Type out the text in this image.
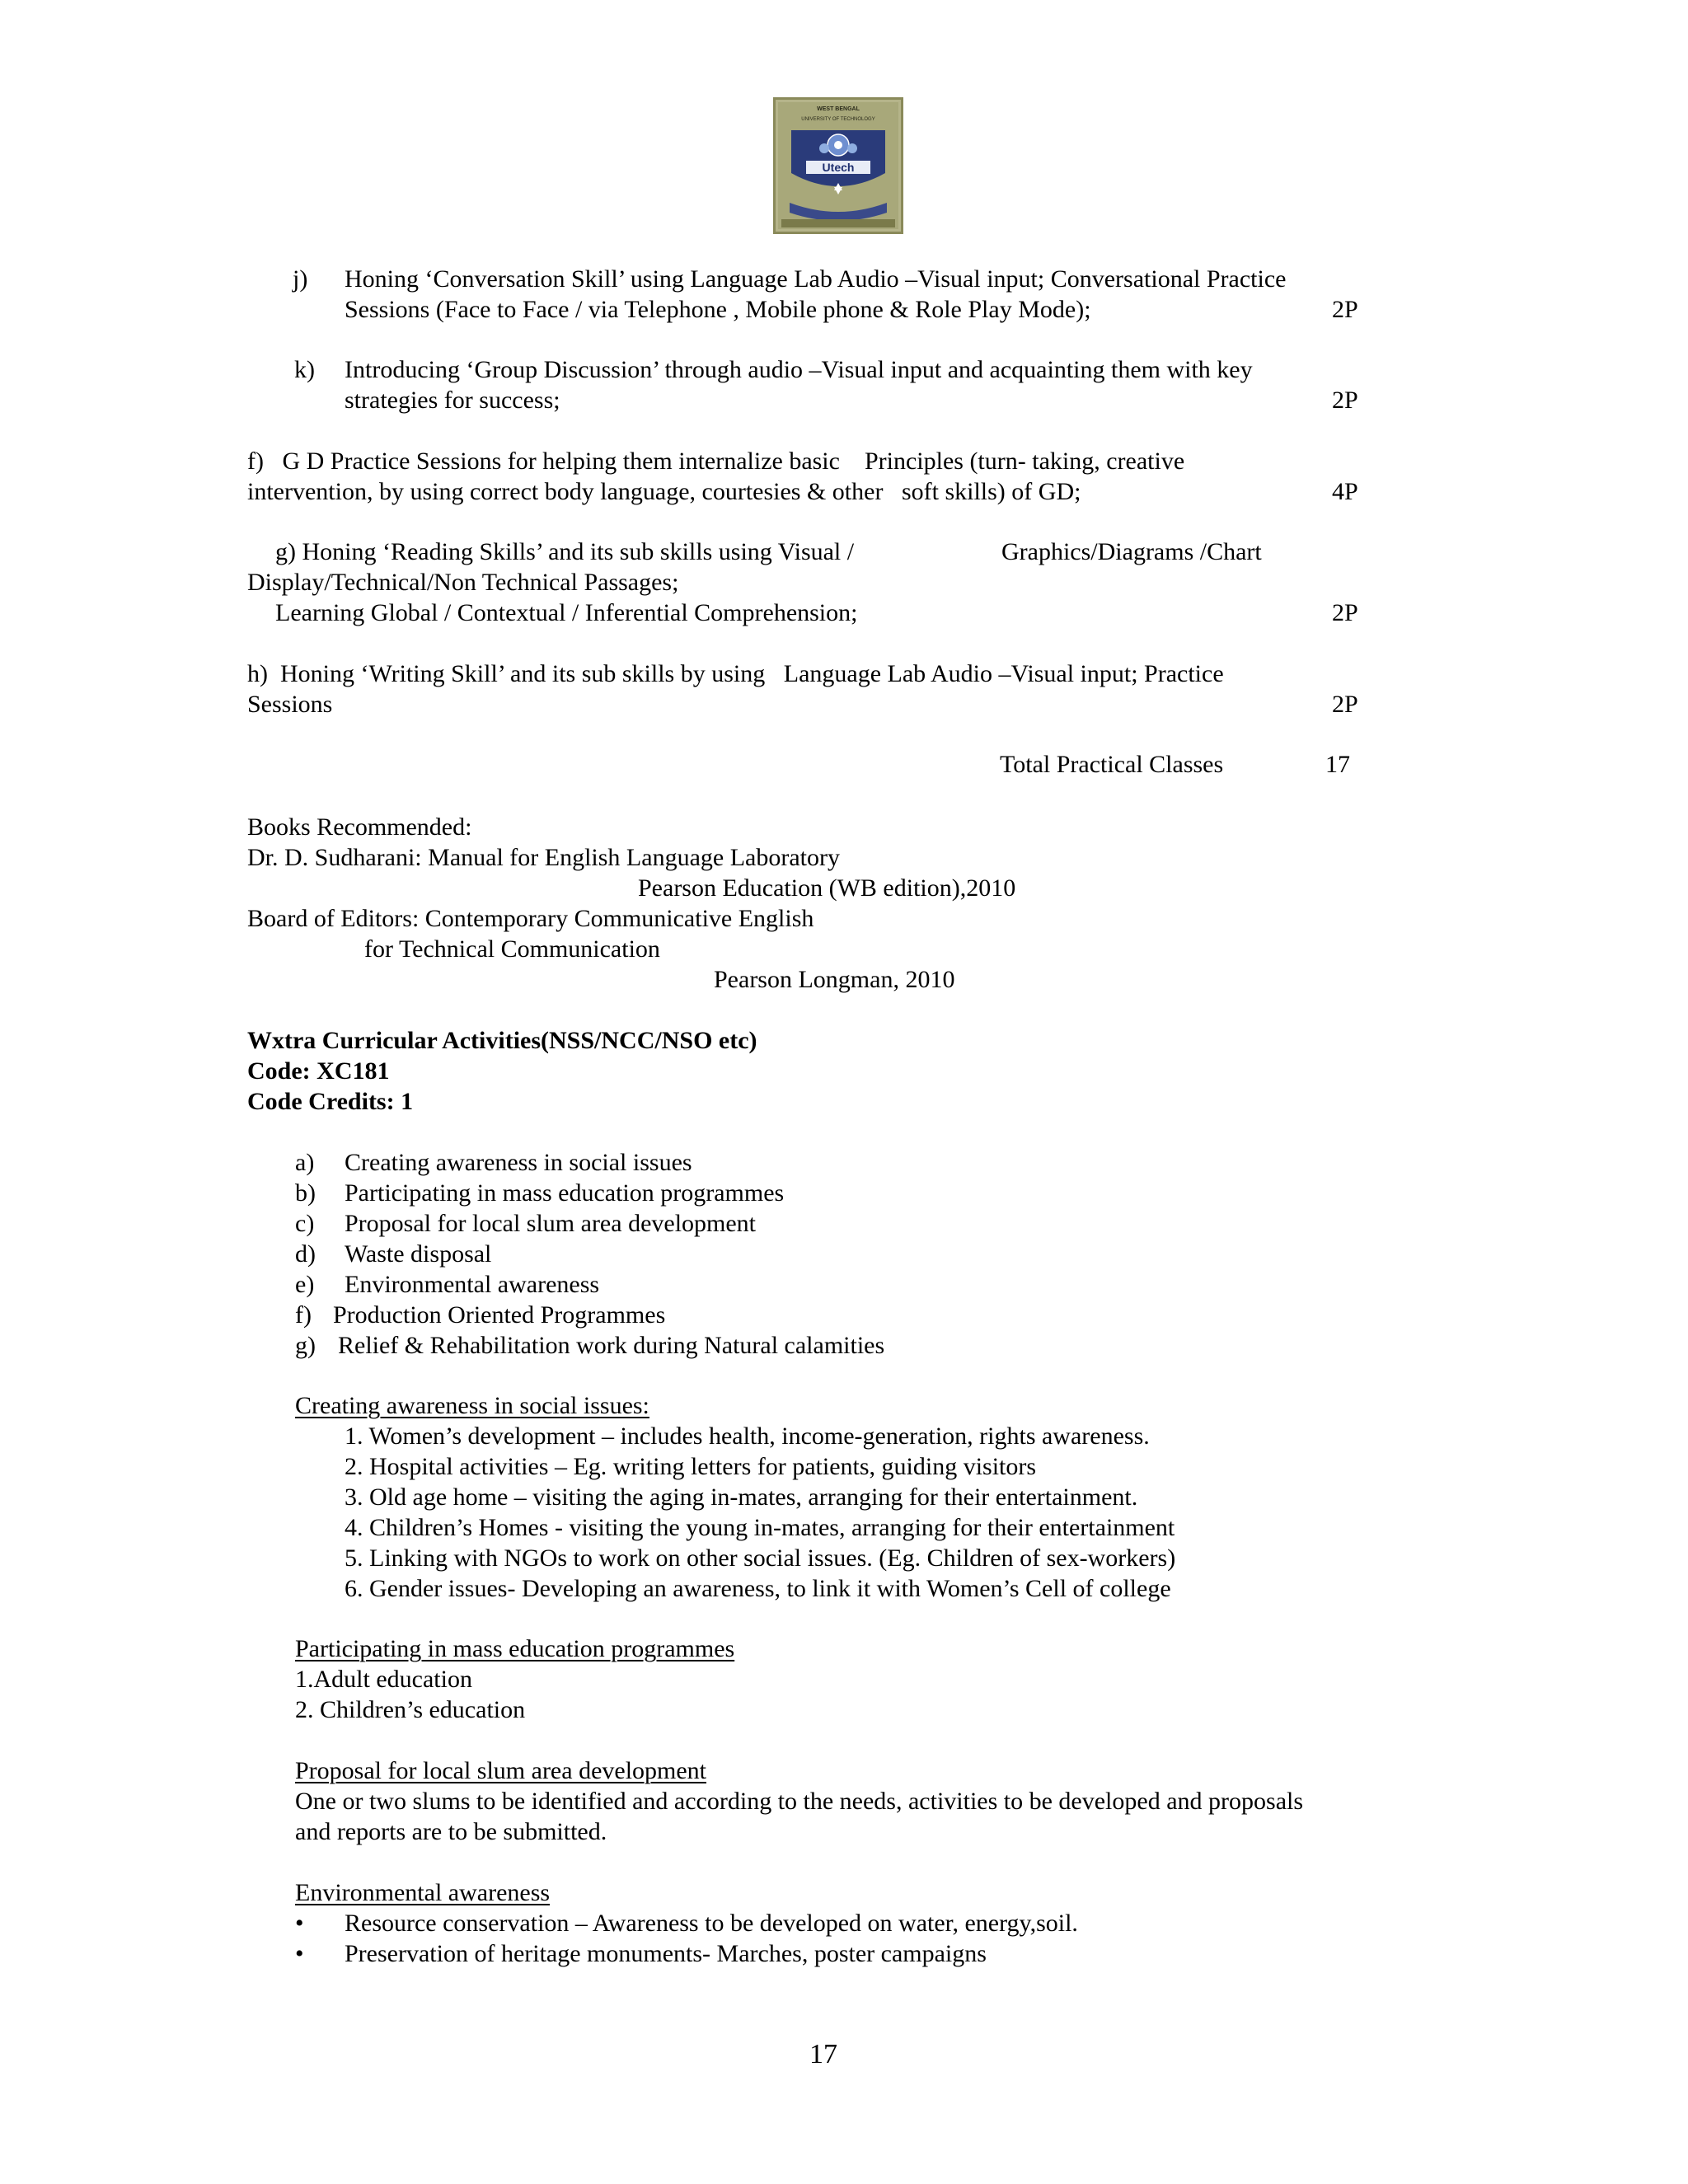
WEST BENGAL
UNIVERSITY OF TECHNOLOGY
Utech
j) Honing ‘Conversation Skill’ using Language Lab Audio –Visual input; Conversational Practice
Sessions (Face to Face / via Telephone , Mobile phone & Role Play Mode);	2P
k) Introducing ‘Group Discussion’ through audio –Visual input and acquainting them with key
strategies for success;	2P
f)   G D Practice Sessions for helping them internalize basic    Principles (turn- taking, creative
intervention, by using correct body language, courtesies & other   soft skills) of GD;	4P
g) Honing ‘Reading Skills’ and its sub skills using Visual /	Graphics/Diagrams /Chart
Display/Technical/Non Technical Passages;
Learning Global / Contextual / Inferential Comprehension;	2P
h)  Honing ‘Writing Skill’ and its sub skills by using   Language Lab Audio –Visual input; Practice
Sessions	2P
Total Practical Classes	17
Books Recommended:
Dr. D. Sudharani: Manual for English Language Laboratory
Pearson Education (WB edition),2010
Board of Editors: Contemporary Communicative English
for Technical Communication
Pearson Longman, 2010
Wxtra Curricular Activities(NSS/NCC/NSO etc)
Code: XC181
Code Credits: 1
a) Creating awareness in social issues
b) Participating in mass education programmes
c) Proposal for local slum area development
d) Waste disposal
e) Environmental awareness
f) Production Oriented Programmes
g) Relief & Rehabilitation work during Natural calamities
Creating awareness in social issues:
1. Women’s development – includes health, income-generation, rights awareness.
2. Hospital activities – Eg. writing letters for patients, guiding visitors
3. Old age home – visiting the aging in-mates, arranging for their entertainment.
4. Children’s Homes - visiting the young in-mates, arranging for their entertainment
5. Linking with NGOs to work on other social issues. (Eg. Children of sex-workers)
6. Gender issues- Developing an awareness, to link it with Women’s Cell of college
Participating in mass education programmes
1.Adult education
2. Children’s education
Proposal for local slum area development
One or two slums to be identified and according to the needs, activities to be developed and proposals
and reports are to be submitted.
Environmental awareness
• Resource conservation – Awareness to be developed on water, energy,soil.
• Preservation of heritage monuments- Marches, poster campaigns
17
